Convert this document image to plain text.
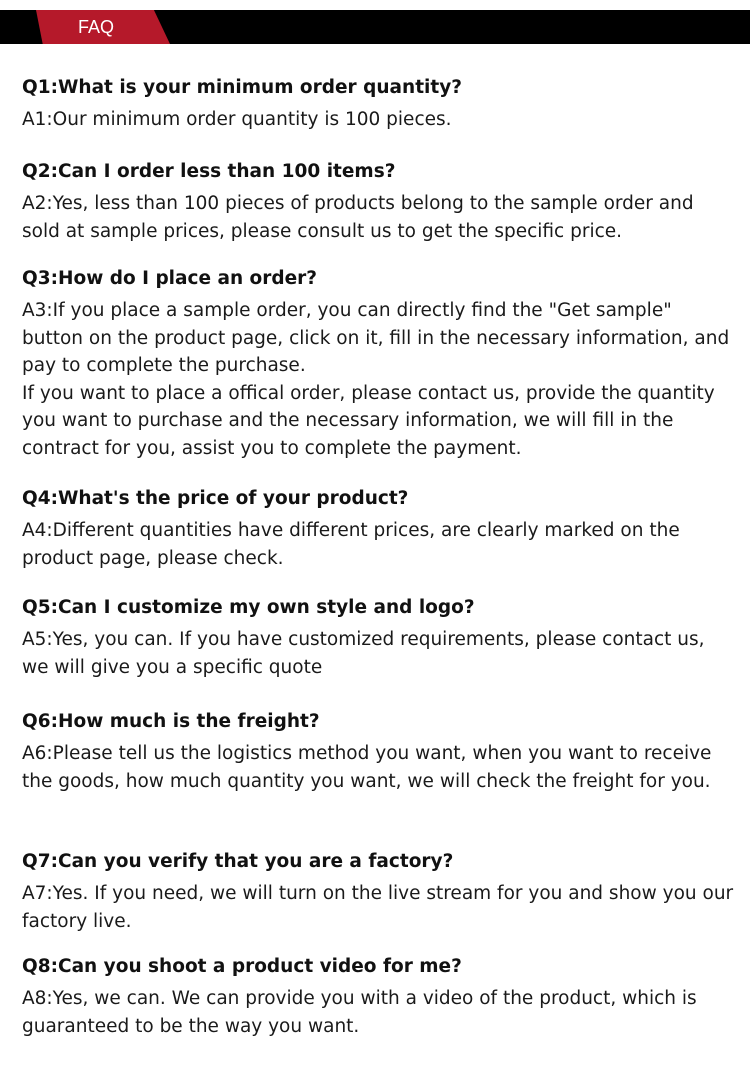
FAQ

Q1:What is your minimum order quantity?

A1:Our minimum order quantity is 100 pieces.

Q2:Can I order less than 100 items?

A2:Yes, less than 100 pieces of products belong to the sample order and sold at sample prices, please consult us to get the specific price.

Q3:How do I place an order?

A3:If you place a sample order, you can directly find the "Get sample" button on the product page, click on it, fill in the necessary information, and pay to complete the purchase.
If you want to place a offical order, please contact us, provide the quantity you want to purchase and the necessary information, we will fill in the contract for you, assist you to complete the payment.

Q4:What's the price of your product?

A4:Different quantities have different prices, are clearly marked on the product page, please check.

Q5:Can I customize my own style and logo?

A5:Yes, you can. If you have customized requirements, please contact us, we will give you a specific quote

Q6:How much is the freight?

A6:Please tell us the logistics method you want, when you want to receive the goods, how much quantity you want, we will check the freight for you.

Q7:Can you verify that you are a factory?

A7:Yes. If you need, we will turn on the live stream for you and show you our factory live.

Q8:Can you shoot a product video for me?

A8:Yes, we can. We can provide you with a video of the product, which is guaranteed to be the way you want.
